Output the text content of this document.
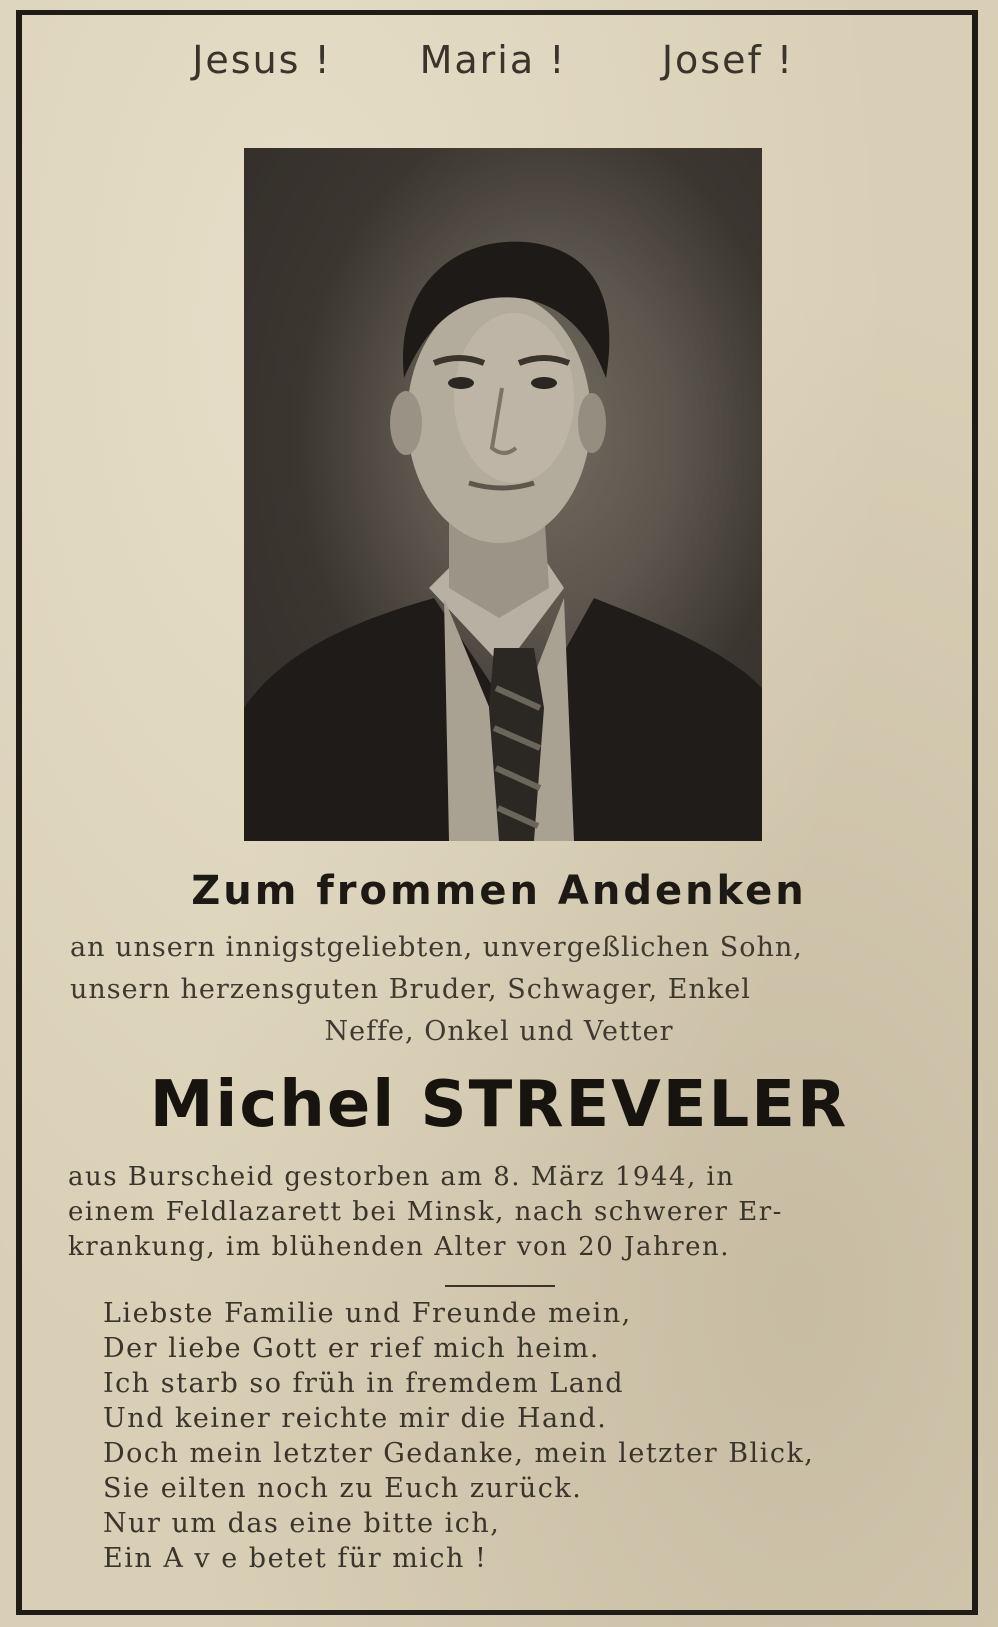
Jesus ! Maria !	Josef !
Zum frommen Andenken
an unsern innigstgeliebten, unvergeßlichen Sohn,
unsern herzensguten Bruder, Schwager, Enkel
Neffe, Onkel und Vetter
Michel STREVELER
aus Burscheid gestorben am 8. März 1944, in
einem Feldlazarett bei Minsk, nach schwerer Er-
krankung, im blühenden Alter von 20 Jahren.
Liebste Familie und Freunde mein,
Der liebe Gott er rief mich heim.
Ich starb so früh in fremdem Land
Und keiner reichte mir die Hand.
Doch mein letzter Gedanke, mein letzter Blick,
Sie eilten noch zu Euch zurück.
Nur um das eine bitte ich,
Ein A v e betet für mich !
